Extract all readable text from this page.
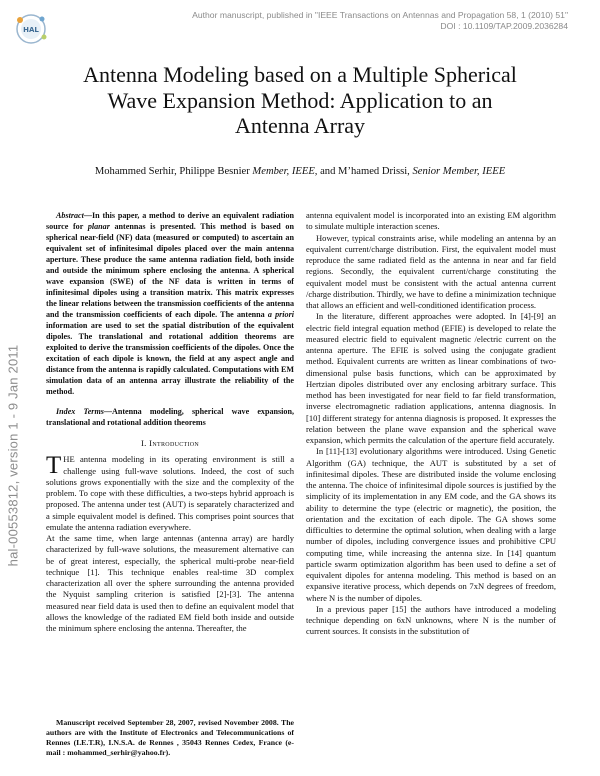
HAL
Author manuscript, published in "IEEE Transactions on Antennas and Propagation 58, 1 (2010) 51"
DOI : 10.1109/TAP.2009.2036284
hal-00553812, version 1 - 9 Jan 2011
Antenna Modeling based on a Multiple Spherical Wave Expansion Method: Application to an Antenna Array
Mohammed Serhir, Philippe Besnier Member, IEEE, and M’hamed Drissi, Senior Member, IEEE

Abstract—In this paper, a method to derive an equivalent radiation source for planar antennas is presented. This method is based on spherical near-field (NF) data (measured or computed) to ascertain an equivalent set of infinitesimal dipoles placed over the main antenna aperture. These produce the same antenna radiation field, both inside and outside the minimum sphere enclosing the antenna. A spherical wave expansion (SWE) of the NF data is written in terms of infinitesimal dipoles using a transition matrix. This matrix expresses the linear relations between the transmission coefficients of the antenna and the transmission coefficients of each dipole. The antenna a priori information are used to set the spatial distribution of the equivalent dipoles. The translational and rotational addition theorems are exploited to derive the transmission coefficients of the dipoles. Once the excitation of each dipole is known, the field at any aspect angle and distance from the antenna is rapidly calculated. Computations with EM simulation data of an antenna array illustrate the reliability of the method.

Index Terms—Antenna modeling, spherical wave expansion, translational and rotational addition theorems

I. Introduction

THE antenna modeling in its operating environment is still a challenge using full-wave solutions. Indeed, the cost of such solutions grows exponentially with the size and the complexity of the problem. To cope with these difficulties, a two-steps hybrid approach is proposed. The antenna under test (AUT) is separately characterized and a simple equivalent model is defined. This comprises point sources that emulate the antenna radiation everywhere.

At the same time, when large antennas (antenna array) are hardly characterized by full-wave solutions, the measurement alternative can be of great interest, especially, the spherical multi-probe near-field technique [1]. This technique enables real-time 3D complex characterization all over the sphere surrounding the antenna provided the Nyquist sampling criterion is satisfied [2]-[3]. The antenna measured near field data is used then to define an equivalent model that allows the knowledge of the radiated EM field both inside and outside the minimum sphere enclosing the antenna. Thereafter, the

Manuscript received September 28, 2007, revised November 2008. The authors are with the Institute of Electronics and Telecommunications of Rennes (I.E.T.R), I.N.S.A. de Rennes , 35043 Rennes Cedex, France (e-mail : mohammed_serhir@yahoo.fr).

antenna equivalent model is incorporated into an existing EM algorithm to simulate multiple interaction scenes.

However, typical constraints arise, while modeling an antenna by an equivalent current/charge distribution. First, the equivalent model must reproduce the same radiated field as the antenna in near and far field regions. Secondly, the equivalent current/charge constituting the equivalent model must be consistent with the actual antenna current /charge distribution. Thirdly, we have to define a minimization technique that allows an efficient and well-conditioned identification process.

In the literature, different approaches were adopted. In [4]-[9] an electric field integral equation method (EFIE) is developed to relate the measured electric field to equivalent magnetic /electric current on the antenna aperture. The EFIE is solved using the conjugate gradient method. Equivalent currents are written as linear combinations of two-dimensional pulse basis functions, which can be approximated by Hertzian dipoles distributed over any enclosing arbitrary surface. This method has been investigated for near field to far field transformation, inverse electromagnetic radiation applications, antenna diagnosis. In [10] different strategy for antenna diagnosis is proposed. It expresses the relation between the plane wave expansion and the spherical wave expansion, which permits the calculation of the aperture field accurately.

In [11]-[13] evolutionary algorithms were introduced. Using Genetic Algorithm (GA) technique, the AUT is substituted by a set of infinitesimal dipoles. These are distributed inside the volume enclosing the antenna. The choice of infinitesimal dipole sources is justified by the simplicity of its implementation in any EM code, and the GA shows its ability to determine the type (electric or magnetic), the position, the orientation and the excitation of each dipole. The GA shows some difficulties to determine the optimal solution, when dealing with a large number of dipoles, including convergence issues and prohibitive CPU computing time, while increasing the antenna size. In [14] quantum particle swarm optimization algorithm has been used to define a set of equivalent dipoles for antenna modeling. This method is based on an expansive iterative process, which depends on 7xN degrees of freedom, where N is the number of dipoles.

In a previous paper [15] the authors have introduced a modeling technique depending on 6xN unknowns, where N is the number of current sources. It consists in the substitution of
